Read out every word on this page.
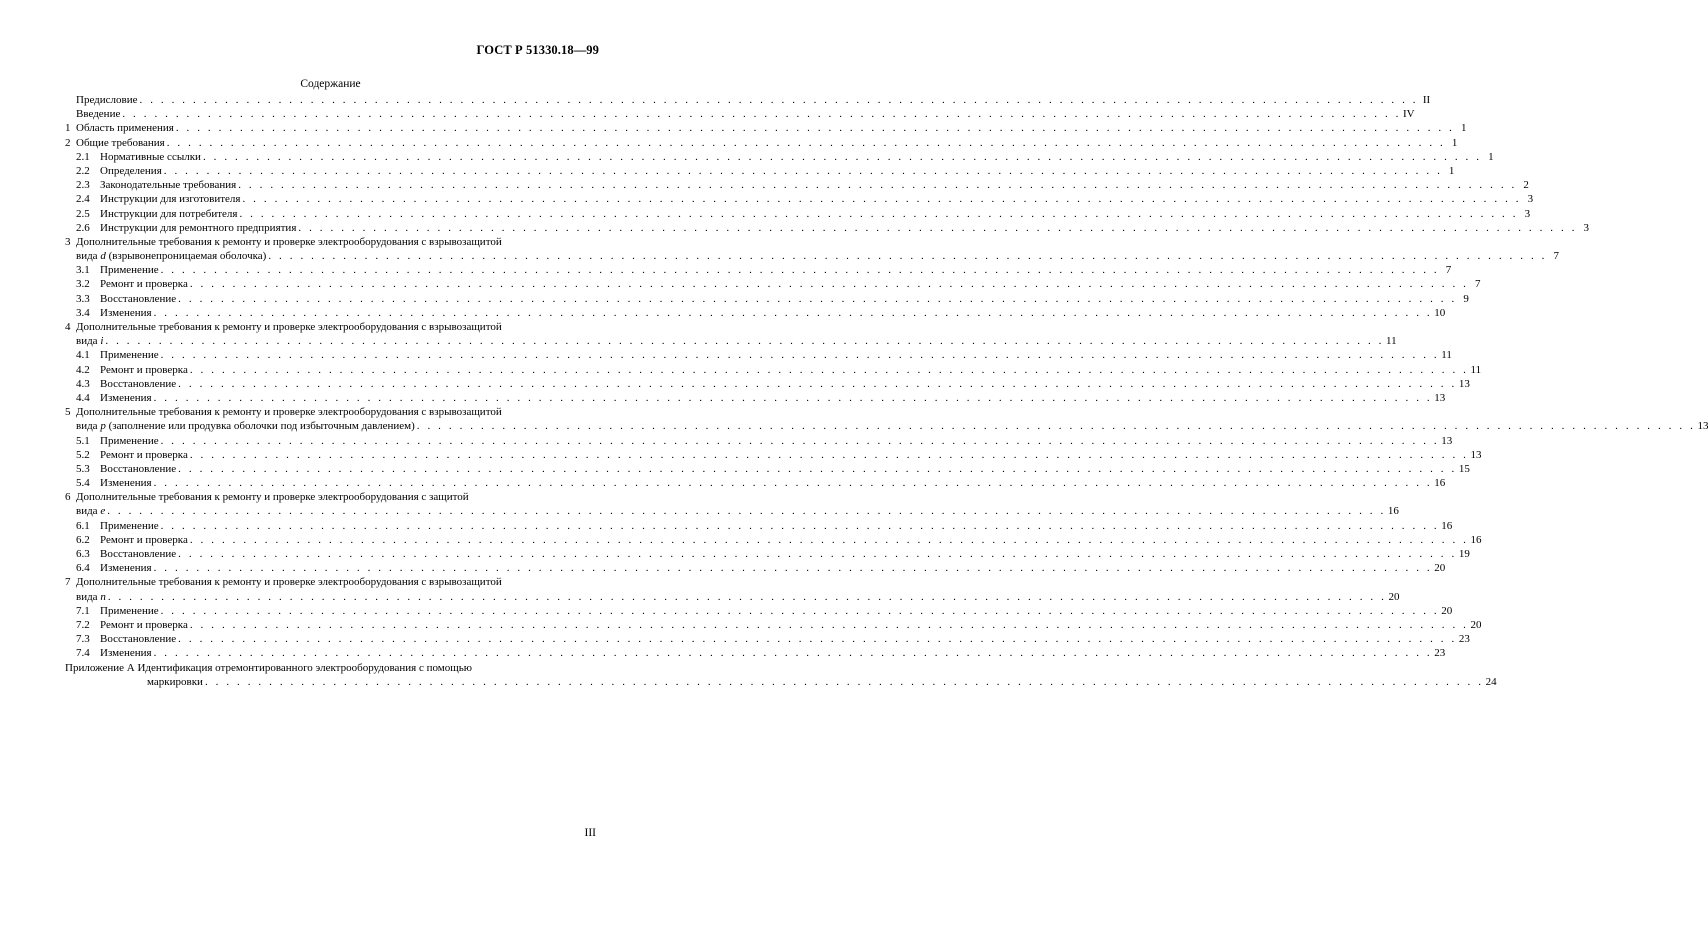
ГОСТ Р 51330.18—99
Содержание
Предисловие . . . . . . . . . . . . . . . . . . . . . . . . . . . . . . . . . . . . . . . . . . . . . . . . . . . . . . . . . . . . . . . . . . . . . . . . . . . . . . . . . . . . . . . . . . . . . . . . . . . . . . . . . . . . . . . . . . . . . . . . II
Введение . . . . . . . . . . . . . . . . . . . . . . . . . . . . . . . . . . . . . . . . . . . . . . . . . . . . . . . . . . . . . . . . . . . . . . . . . . . . . . . . . . . . . . . . . . . . . . . . . . . . . . . . . . . . . . . . . . . . . . . . IV
1 Область применения . . . . . . . . . . . . . . . . . . . . . . . . . . . . . . . . . . . . . . . . . . . . . . . . . . . . . . . . . . . . . . . . . . . . . . . . . . . . . . . . . . . . . . . . . . . . . . . . . . . . . . . . . . . . . . . . . . . . . . . . 1
2 Общие требования . . . . . . . . . . . . . . . . . . . . . . . . . . . . . . . . . . . . . . . . . . . . . . . . . . . . . . . . . . . . . . . . . . . . . . . . . . . . . . . . . . . . . . . . . . . . . . . . . . . . . . . . . . . . . . . . . . . . . . . . 1
2.1 Нормативные ссылки . . . . . . . . . . . . . . . . . . . . . . . . . . . . . . . . . . . . . . . . . . . . . . . . . . . . . . . . . . . . . . . . . . . . . . . . . . . . . . . . . . . . . . . . . . . . . . . . . . . . . . . . . . . . . . . . . . . . . . . . 1
2.2 Определения . . . . . . . . . . . . . . . . . . . . . . . . . . . . . . . . . . . . . . . . . . . . . . . . . . . . . . . . . . . . . . . . . . . . . . . . . . . . . . . . . . . . . . . . . . . . . . . . . . . . . . . . . . . . . . . . . . . . . . . . 1
2.3 Законодательные требования . . . . . . . . . . . . . . . . . . . . . . . . . . . . . . . . . . . . . . . . . . . . . . . . . . . . . . . . . . . . . . . . . . . . . . . . . . . . . . . . . . . . . . . . . . . . . . . . . . . . . . . . . . . . . . . . . . . . . . . . 2
2.4 Инструкции для изготовителя . . . . . . . . . . . . . . . . . . . . . . . . . . . . . . . . . . . . . . . . . . . . . . . . . . . . . . . . . . . . . . . . . . . . . . . . . . . . . . . . . . . . . . . . . . . . . . . . . . . . . . . . . . . . . . . . . . . . . . . . 3
2.5 Инструкции для потребителя . . . . . . . . . . . . . . . . . . . . . . . . . . . . . . . . . . . . . . . . . . . . . . . . . . . . . . . . . . . . . . . . . . . . . . . . . . . . . . . . . . . . . . . . . . . . . . . . . . . . . . . . . . . . . . . . . . . . . . . . 3
2.6 Инструкции для ремонтного предприятия . . . . . . . . . . . . . . . . . . . . . . . . . . . . . . . . . . . . . . . . . . . . . . . . . . . . . . . . . . . . . . . . . . . . . . . . . . . . . . . . . . . . . . . . . . . . . . . . . . . . . . . . . . . . . . . . . . . . . . . . 3
3 Дополнительные требования к ремонту и проверке электрооборудования с взрывозащитой
вида d (взрывонепроницаемая оболочка) . . . . . . . . . . . . . . . . . . . . . . . . . . . . . . . . . . . . . . . . . . . . . . . . . . . . . . . . . . . . . . . . . . . . . . . . . . . . . . . . . . . . . . . . . . . . . . . . . . . . . . . . . . . . . . . . . . . . . . . . 7
3.1 Применение . . . . . . . . . . . . . . . . . . . . . . . . . . . . . . . . . . . . . . . . . . . . . . . . . . . . . . . . . . . . . . . . . . . . . . . . . . . . . . . . . . . . . . . . . . . . . . . . . . . . . . . . . . . . . . . . . . . . . . . . 7
3.2 Ремонт и проверка . . . . . . . . . . . . . . . . . . . . . . . . . . . . . . . . . . . . . . . . . . . . . . . . . . . . . . . . . . . . . . . . . . . . . . . . . . . . . . . . . . . . . . . . . . . . . . . . . . . . . . . . . . . . . . . . . . . . . . . . 7
3.3 Восстановление . . . . . . . . . . . . . . . . . . . . . . . . . . . . . . . . . . . . . . . . . . . . . . . . . . . . . . . . . . . . . . . . . . . . . . . . . . . . . . . . . . . . . . . . . . . . . . . . . . . . . . . . . . . . . . . . . . . . . . . . 9
3.4 Изменения . . . . . . . . . . . . . . . . . . . . . . . . . . . . . . . . . . . . . . . . . . . . . . . . . . . . . . . . . . . . . . . . . . . . . . . . . . . . . . . . . . . . . . . . . . . . . . . . . . . . . . . . . . . . . . . . . . . . . . . . 10
4 Дополнительные требования к ремонту и проверке электрооборудования с взрывозащитой
вида i . . . . . . . . . . . . . . . . . . . . . . . . . . . . . . . . . . . . . . . . . . . . . . . . . . . . . . . . . . . . . . . . . . . . . . . . . . . . . . . . . . . . . . . . . . . . . . . . . . . . . . . . . . . . . . . . . . . . . . . . 11
4.1 Применение . . . . . . . . . . . . . . . . . . . . . . . . . . . . . . . . . . . . . . . . . . . . . . . . . . . . . . . . . . . . . . . . . . . . . . . . . . . . . . . . . . . . . . . . . . . . . . . . . . . . . . . . . . . . . . . . . . . . . . . . 11
4.2 Ремонт и проверка . . . . . . . . . . . . . . . . . . . . . . . . . . . . . . . . . . . . . . . . . . . . . . . . . . . . . . . . . . . . . . . . . . . . . . . . . . . . . . . . . . . . . . . . . . . . . . . . . . . . . . . . . . . . . . . . . . . . . . . . 11
4.3 Восстановление . . . . . . . . . . . . . . . . . . . . . . . . . . . . . . . . . . . . . . . . . . . . . . . . . . . . . . . . . . . . . . . . . . . . . . . . . . . . . . . . . . . . . . . . . . . . . . . . . . . . . . . . . . . . . . . . . . . . . . . . 13
4.4 Изменения . . . . . . . . . . . . . . . . . . . . . . . . . . . . . . . . . . . . . . . . . . . . . . . . . . . . . . . . . . . . . . . . . . . . . . . . . . . . . . . . . . . . . . . . . . . . . . . . . . . . . . . . . . . . . . . . . . . . . . . . 13
5 Дополнительные требования к ремонту и проверке электрооборудования с взрывозащитой
вида p (заполнение или продувка оболочки под избыточным давлением) . . . . . . . . . . . . . . . . . . . . . . . . . . . . . . . . . . . . . . . . . . . . . . . . . . . . . . . . . . . . . . . . . . . . . . . . . . . . . . . . . . . . . . . . . . . . . . . . . . . . . . . . . . . . . . . . . . . . . . . . 13
5.1 Применение . . . . . . . . . . . . . . . . . . . . . . . . . . . . . . . . . . . . . . . . . . . . . . . . . . . . . . . . . . . . . . . . . . . . . . . . . . . . . . . . . . . . . . . . . . . . . . . . . . . . . . . . . . . . . . . . . . . . . . . . 13
5.2 Ремонт и проверка . . . . . . . . . . . . . . . . . . . . . . . . . . . . . . . . . . . . . . . . . . . . . . . . . . . . . . . . . . . . . . . . . . . . . . . . . . . . . . . . . . . . . . . . . . . . . . . . . . . . . . . . . . . . . . . . . . . . . . . . 13
5.3 Восстановление . . . . . . . . . . . . . . . . . . . . . . . . . . . . . . . . . . . . . . . . . . . . . . . . . . . . . . . . . . . . . . . . . . . . . . . . . . . . . . . . . . . . . . . . . . . . . . . . . . . . . . . . . . . . . . . . . . . . . . . . 15
5.4 Изменения . . . . . . . . . . . . . . . . . . . . . . . . . . . . . . . . . . . . . . . . . . . . . . . . . . . . . . . . . . . . . . . . . . . . . . . . . . . . . . . . . . . . . . . . . . . . . . . . . . . . . . . . . . . . . . . . . . . . . . . . 16
6 Дополнительные требования к ремонту и проверке электрооборудования с защитой
вида e . . . . . . . . . . . . . . . . . . . . . . . . . . . . . . . . . . . . . . . . . . . . . . . . . . . . . . . . . . . . . . . . . . . . . . . . . . . . . . . . . . . . . . . . . . . . . . . . . . . . . . . . . . . . . . . . . . . . . . . . 16
6.1 Применение . . . . . . . . . . . . . . . . . . . . . . . . . . . . . . . . . . . . . . . . . . . . . . . . . . . . . . . . . . . . . . . . . . . . . . . . . . . . . . . . . . . . . . . . . . . . . . . . . . . . . . . . . . . . . . . . . . . . . . . . 16
6.2 Ремонт и проверка . . . . . . . . . . . . . . . . . . . . . . . . . . . . . . . . . . . . . . . . . . . . . . . . . . . . . . . . . . . . . . . . . . . . . . . . . . . . . . . . . . . . . . . . . . . . . . . . . . . . . . . . . . . . . . . . . . . . . . . . 16
6.3 Восстановление . . . . . . . . . . . . . . . . . . . . . . . . . . . . . . . . . . . . . . . . . . . . . . . . . . . . . . . . . . . . . . . . . . . . . . . . . . . . . . . . . . . . . . . . . . . . . . . . . . . . . . . . . . . . . . . . . . . . . . . . 19
6.4 Изменения . . . . . . . . . . . . . . . . . . . . . . . . . . . . . . . . . . . . . . . . . . . . . . . . . . . . . . . . . . . . . . . . . . . . . . . . . . . . . . . . . . . . . . . . . . . . . . . . . . . . . . . . . . . . . . . . . . . . . . . . 20
7 Дополнительные требования к ремонту и проверке электрооборудования с взрывозащитой
вида n . . . . . . . . . . . . . . . . . . . . . . . . . . . . . . . . . . . . . . . . . . . . . . . . . . . . . . . . . . . . . . . . . . . . . . . . . . . . . . . . . . . . . . . . . . . . . . . . . . . . . . . . . . . . . . . . . . . . . . . . 20
7.1 Применение . . . . . . . . . . . . . . . . . . . . . . . . . . . . . . . . . . . . . . . . . . . . . . . . . . . . . . . . . . . . . . . . . . . . . . . . . . . . . . . . . . . . . . . . . . . . . . . . . . . . . . . . . . . . . . . . . . . . . . . . 20
7.2 Ремонт и проверка . . . . . . . . . . . . . . . . . . . . . . . . . . . . . . . . . . . . . . . . . . . . . . . . . . . . . . . . . . . . . . . . . . . . . . . . . . . . . . . . . . . . . . . . . . . . . . . . . . . . . . . . . . . . . . . . . . . . . . . . 20
7.3 Восстановление . . . . . . . . . . . . . . . . . . . . . . . . . . . . . . . . . . . . . . . . . . . . . . . . . . . . . . . . . . . . . . . . . . . . . . . . . . . . . . . . . . . . . . . . . . . . . . . . . . . . . . . . . . . . . . . . . . . . . . . . 23
7.4 Изменения . . . . . . . . . . . . . . . . . . . . . . . . . . . . . . . . . . . . . . . . . . . . . . . . . . . . . . . . . . . . . . . . . . . . . . . . . . . . . . . . . . . . . . . . . . . . . . . . . . . . . . . . . . . . . . . . . . . . . . . . 23
Приложение А Идентификация отремонтированного электрооборудования с помощью
маркировки . . . . . . . . . . . . . . . . . . . . . . . . . . . . . . . . . . . . . . . . . . . . . . . . . . . . . . . . . . . . . . . . . . . . . . . . . . . . . . . . . . . . . . . . . . . . . . . . . . . . . . . . . . . . . . . . . . . . . . . . 24
III
